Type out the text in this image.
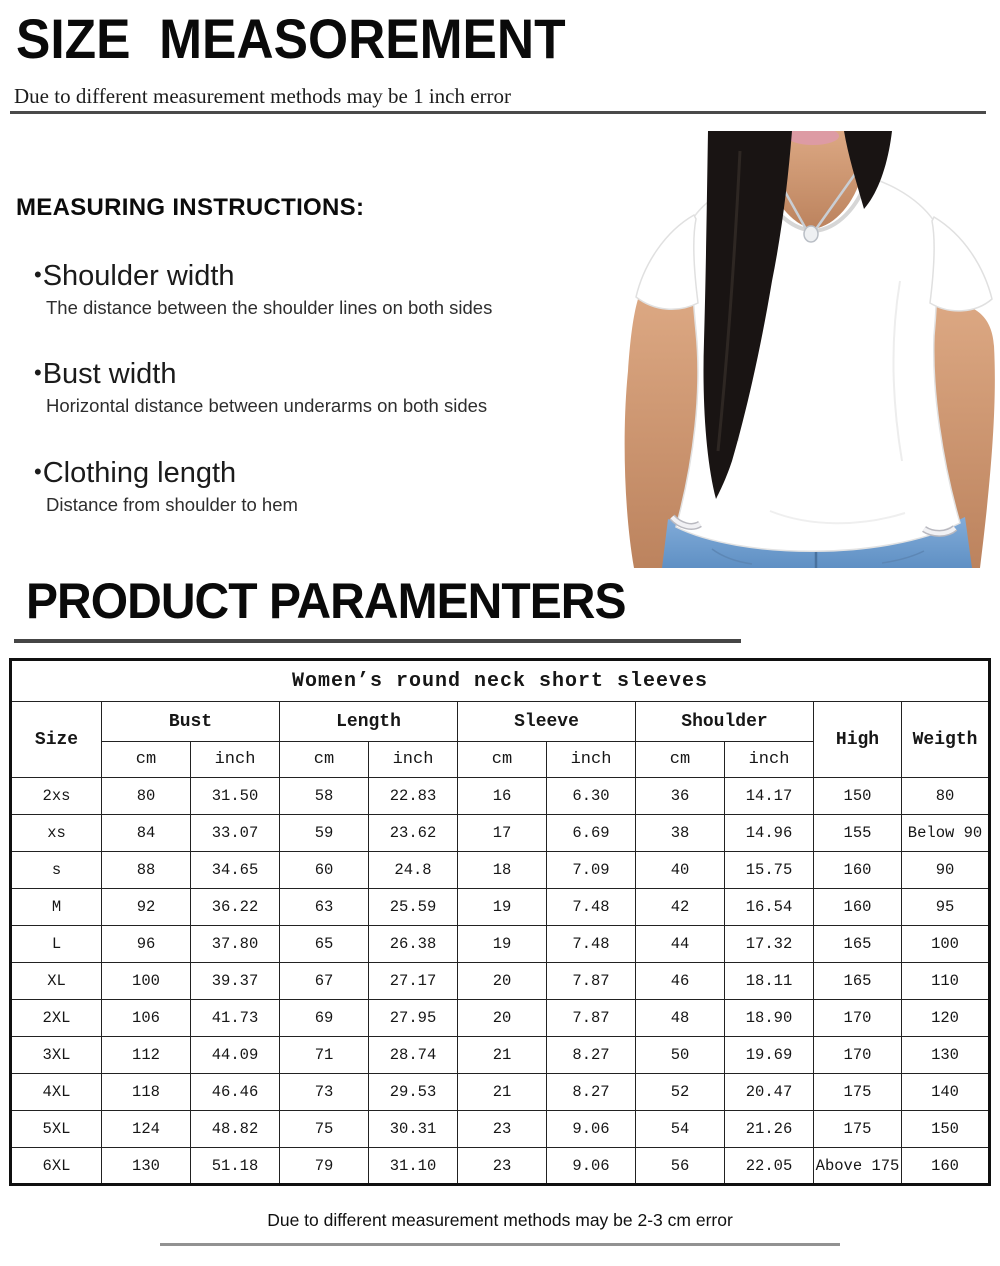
SIZE  MEASOREMENT
Due to different measurement methods may be 1 inch error
MEASURING INSTRUCTIONS:
•Shoulder width
The distance between the shoulder lines on both sides
•Bust width
Horizontal distance between underarms on both sides
•Clothing length
Distance from shoulder to hem
PRODUCT PARAMENTERS
Women’s round neck short sleeves										
Size	Bust		Length		Sleeve		Shoulder		High	Weigth
	cm	inch	cm	inch	cm	inch	cm	inch		
2xs	80	31.50	58	22.83	16	6.30	36	14.17	150	80
xs	84	33.07	59	23.62	17	6.69	38	14.96	155	Below 90
s	88	34.65	60	24.8	18	7.09	40	15.75	160	90
M	92	36.22	63	25.59	19	7.48	42	16.54	160	95
L	96	37.80	65	26.38	19	7.48	44	17.32	165	100
XL	100	39.37	67	27.17	20	7.87	46	18.11	165	110
2XL	106	41.73	69	27.95	20	7.87	48	18.90	170	120
3XL	112	44.09	71	28.74	21	8.27	50	19.69	170	130
4XL	118	46.46	73	29.53	21	8.27	52	20.47	175	140
5XL	124	48.82	75	30.31	23	9.06	54	21.26	175	150
6XL	130	51.18	79	31.10	23	9.06	56	22.05	Above 175	160
Due to different measurement methods may be 2-3 cm error
